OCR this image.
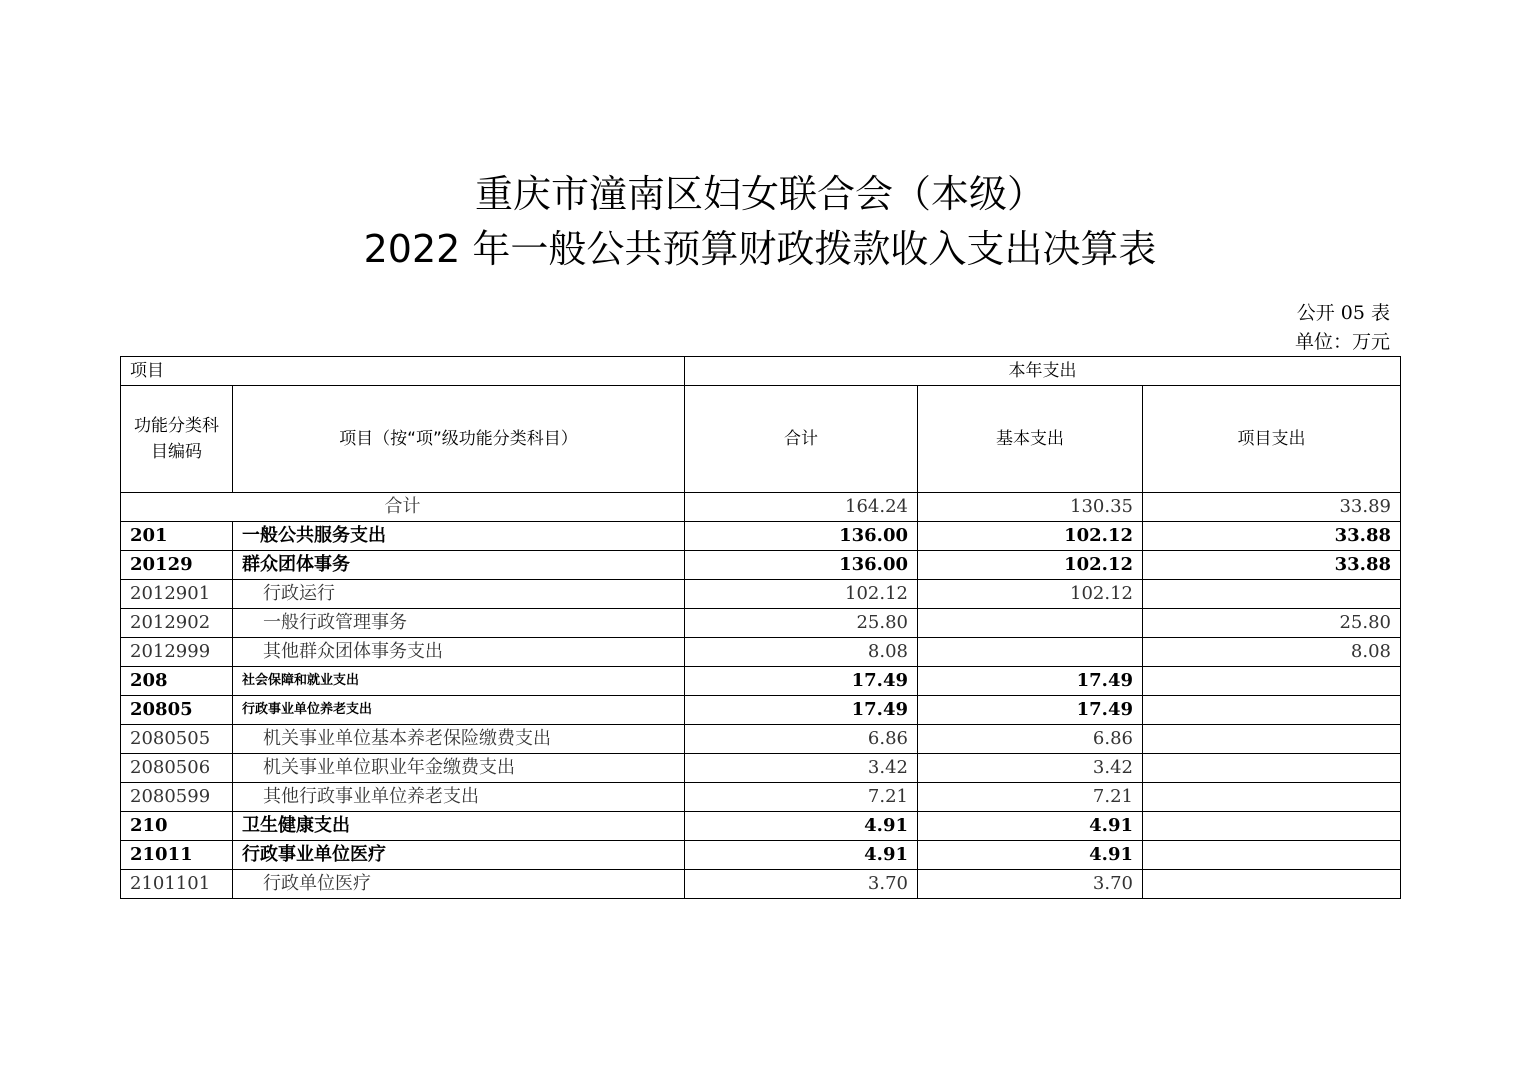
重庆市潼南区妇女联合会（本级）
2022 年一般公共预算财政拨款收入支出决算表
公开 05 表
单位：万元
项目		本年支出		
功能分类科目编码	项目（按“项”级功能分类科目）	合计	基本支出	项目支出
合计		164.24	130.35	33.89
201	一般公共服务支出	136.00	102.12	33.88
20129	群众团体事务	136.00	102.12	33.88
2012901	行政运行	102.12	102.12	
2012902	一般行政管理事务	25.80		25.80
2012999	其他群众团体事务支出	8.08		8.08
208	社会保障和就业支出	17.49	17.49	
20805	行政事业单位养老支出	17.49	17.49	
2080505	机关事业单位基本养老保险缴费支出	6.86	6.86	
2080506	机关事业单位职业年金缴费支出	3.42	3.42	
2080599	其他行政事业单位养老支出	7.21	7.21	
210	卫生健康支出	4.91	4.91	
21011	行政事业单位医疗	4.91	4.91	
2101101	行政单位医疗	3.70	3.70	
